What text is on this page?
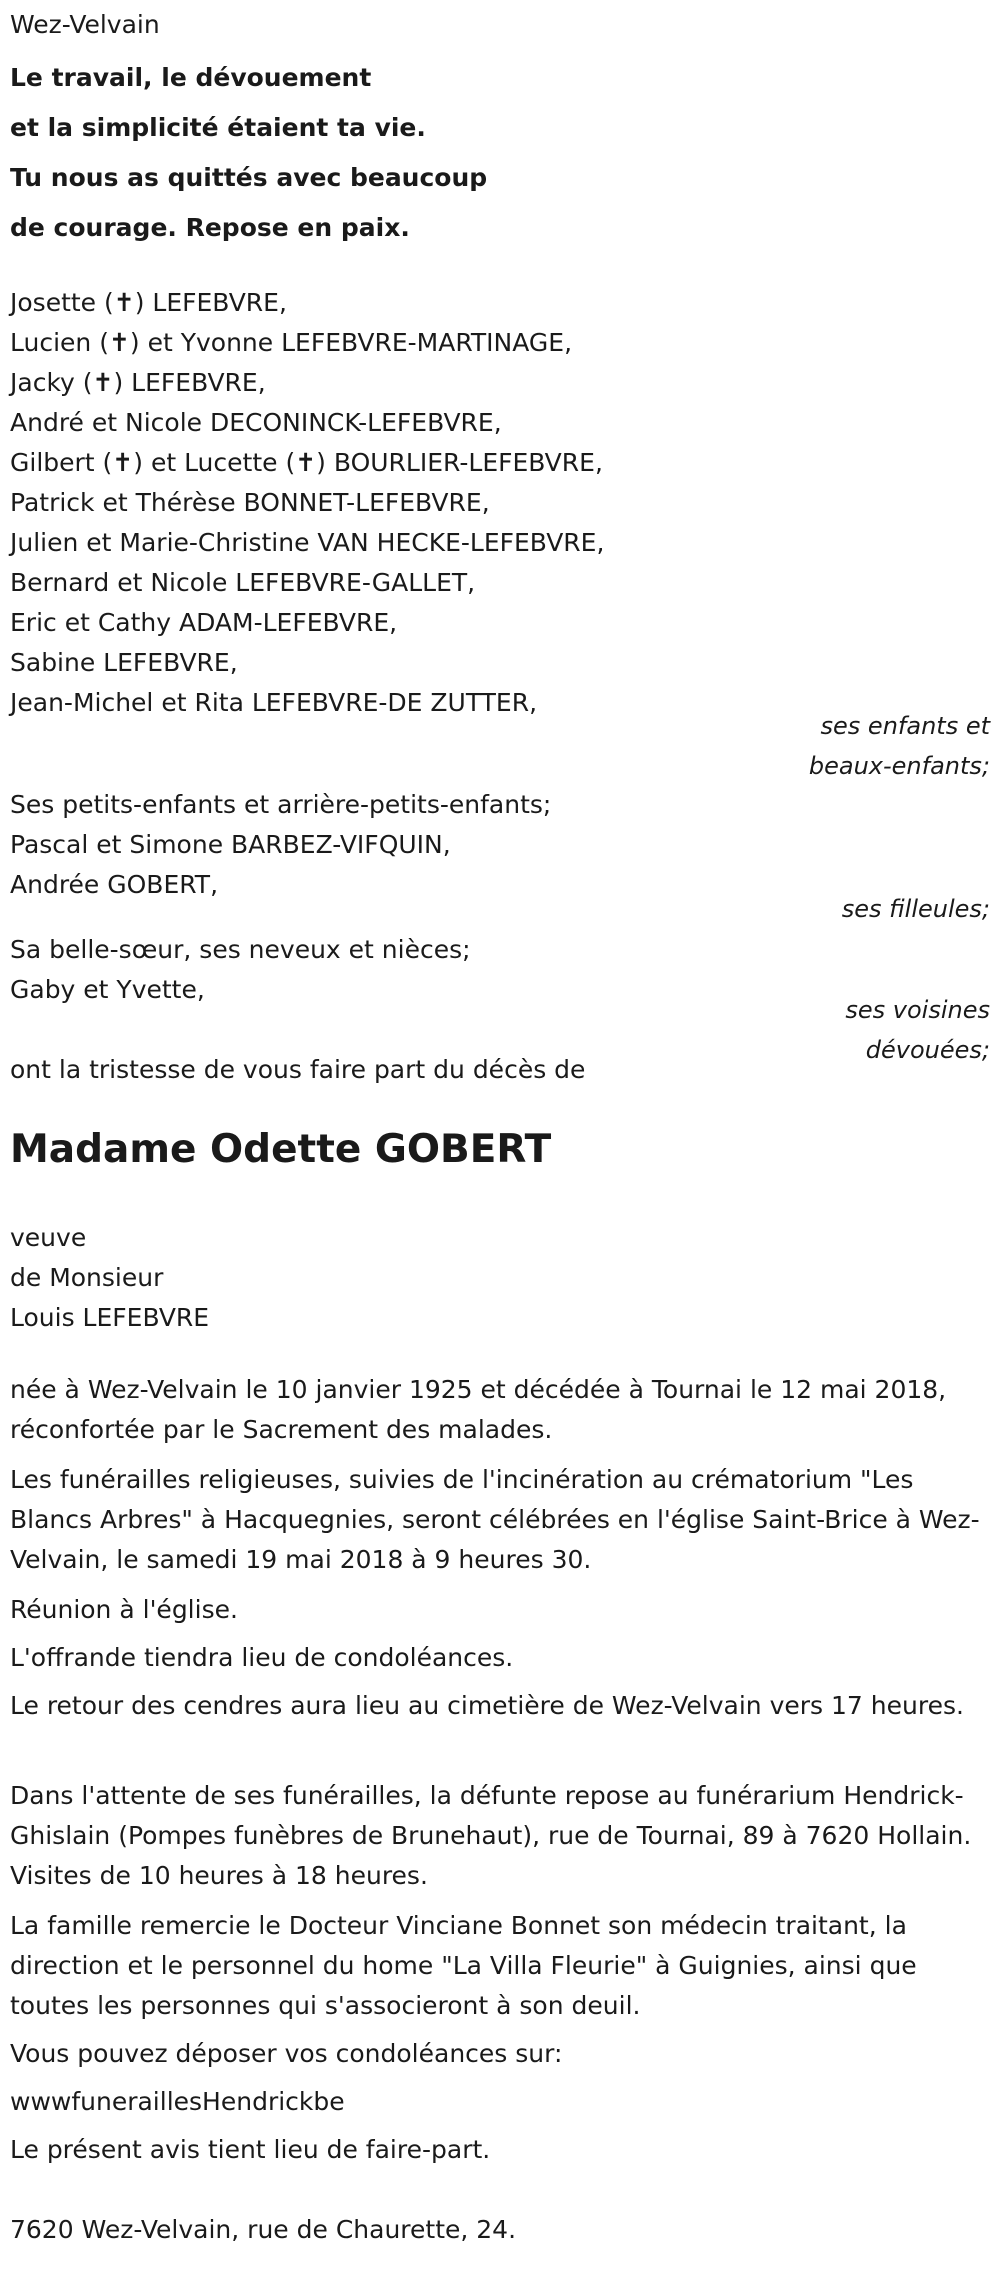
Wez-Velvain
Le travail, le dévouement
et la simplicité étaient ta vie.
Tu nous as quittés avec beaucoup
de courage. Repose en paix.
Josette (✝) LEFEBVRE,
Lucien (✝) et Yvonne LEFEBVRE-MARTINAGE,
Jacky (✝) LEFEBVRE,
André et Nicole DECONINCK-LEFEBVRE,
Gilbert (✝) et Lucette (✝) BOURLIER-LEFEBVRE,
Patrick et Thérèse BONNET-LEFEBVRE,
Julien et Marie-Christine VAN HECKE-LEFEBVRE,
Bernard et Nicole LEFEBVRE-GALLET,
Eric et Cathy ADAM-LEFEBVRE,
Sabine LEFEBVRE,
Jean-Michel et Rita LEFEBVRE-DE ZUTTER,
ses enfants et
beaux-enfants;
Ses petits-enfants et arrière-petits-enfants;
Pascal et Simone BARBEZ-VIFQUIN,
Andrée GOBERT,
ses filleules;
Sa belle-sœur, ses neveux et nièces;
Gaby et Yvette,
ses voisines
dévouées;
ont la tristesse de vous faire part du décès de
Madame Odette GOBERT
veuve
de Monsieur
Louis LEFEBVRE

née à Wez-Velvain le 10 janvier 1925 et décédée à Tournai le 12 mai 2018, réconfortée par le Sacrement des malades.

Les funérailles religieuses, suivies de l'incinération au crématorium "Les Blancs Arbres" à Hacquegnies, seront célébrées en l'église Saint-Brice à Wez-Velvain, le samedi 19 mai 2018 à 9 heures 30.

Réunion à l'église.

L'offrande tiendra lieu de condoléances.

Le retour des cendres aura lieu au cimetière de Wez-Velvain vers 17 heures.

Dans l'attente de ses funérailles, la défunte repose au funérarium Hendrick-Ghislain (Pompes funèbres de Brunehaut), rue de Tournai, 89 à 7620 Hollain. Visites de 10 heures à 18 heures.

La famille remercie le Docteur Vinciane Bonnet son médecin traitant, la direction et le personnel du home "La Villa Fleurie" à Guignies, ainsi que toutes les personnes qui s'associeront à son deuil.

Vous pouvez déposer vos condoléances sur:

wwwfuneraillesHendrickbe

Le présent avis tient lieu de faire-part.

7620 Wez-Velvain, rue de Chaurette, 24.
